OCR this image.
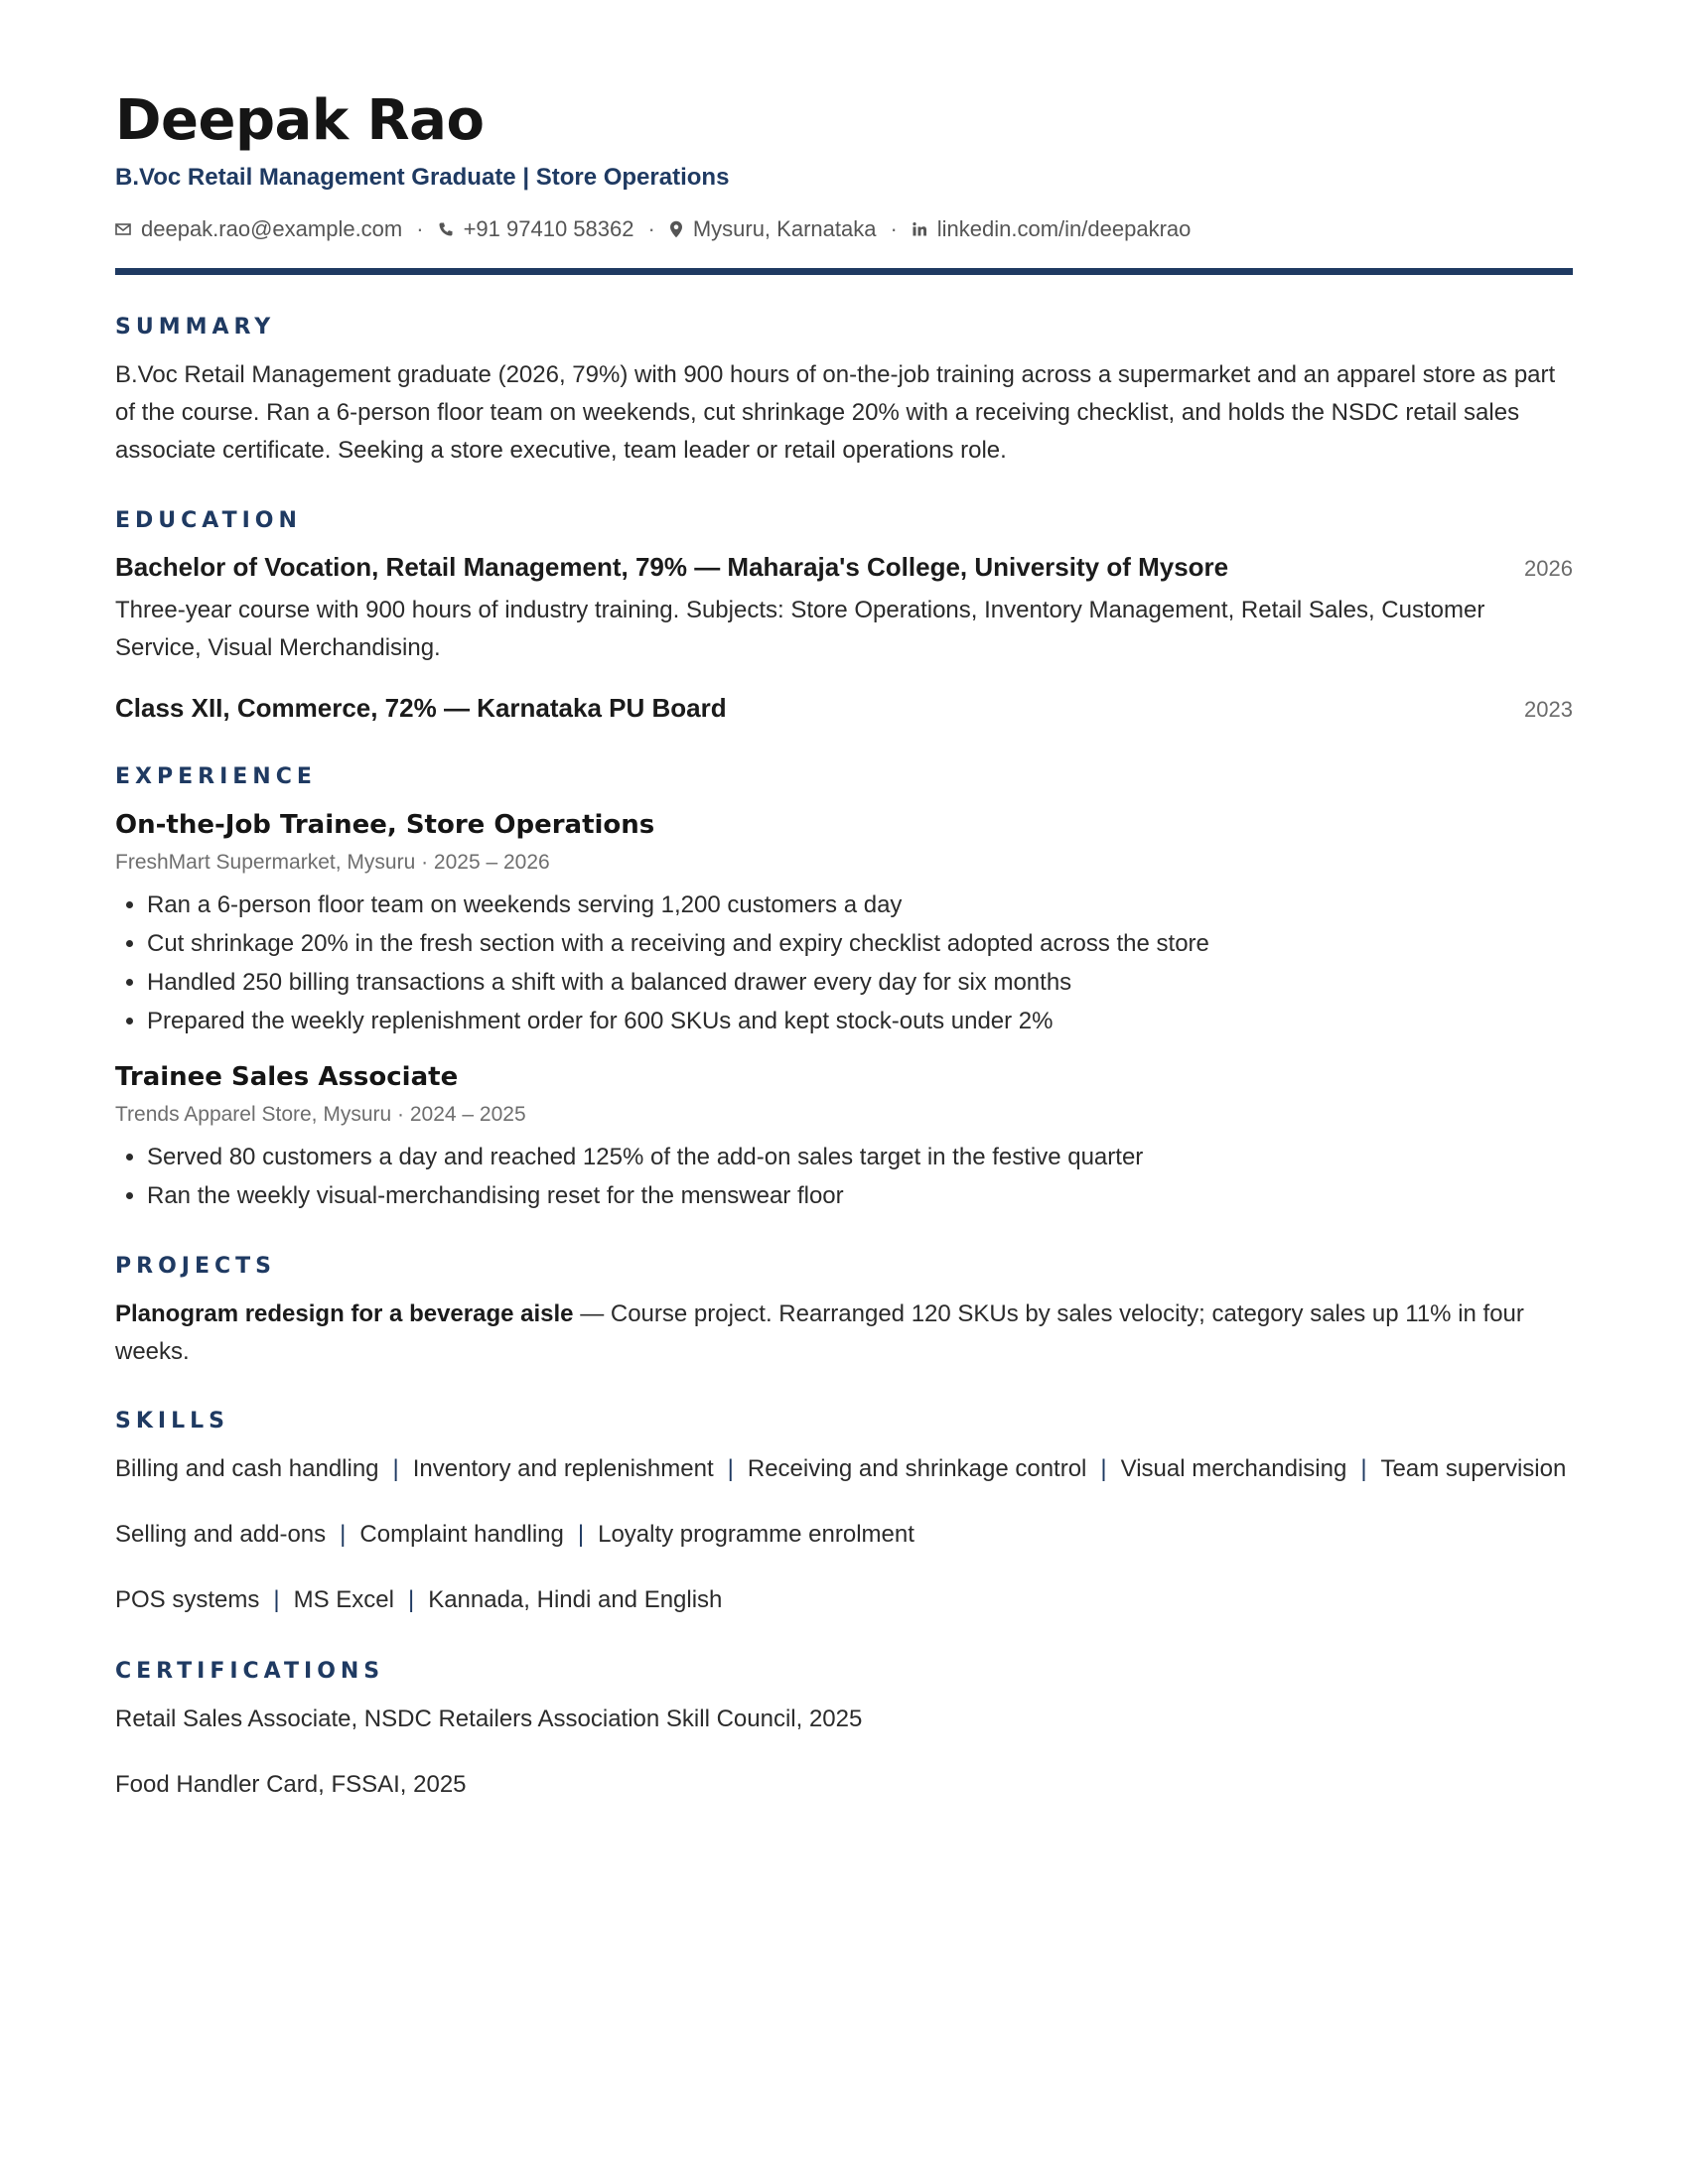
Deepak Rao
B.Voc Retail Management Graduate | Store Operations
deepak.rao@example.com · +91 97410 58362 · Mysuru, Karnataka · linkedin.com/in/deepakrao
SUMMARY
B.Voc Retail Management graduate (2026, 79%) with 900 hours of on-the-job training across a supermarket and an apparel store as part of the course. Ran a 6-person floor team on weekends, cut shrinkage 20% with a receiving checklist, and holds the NSDC retail sales associate certificate. Seeking a store executive, team leader or retail operations role.
EDUCATION
Bachelor of Vocation, Retail Management, 79% — Maharaja's College, University of Mysore	2026
Three-year course with 900 hours of industry training. Subjects: Store Operations, Inventory Management, Retail Sales, Customer Service, Visual Merchandising.
Class XII, Commerce, 72% — Karnataka PU Board	2023
EXPERIENCE
On-the-Job Trainee, Store Operations
FreshMart Supermarket, Mysuru · 2025 – 2026
• Ran a 6-person floor team on weekends serving 1,200 customers a day
• Cut shrinkage 20% in the fresh section with a receiving and expiry checklist adopted across the store
• Handled 250 billing transactions a shift with a balanced drawer every day for six months
• Prepared the weekly replenishment order for 600 SKUs and kept stock-outs under 2%
Trainee Sales Associate
Trends Apparel Store, Mysuru · 2024 – 2025
• Served 80 customers a day and reached 125% of the add-on sales target in the festive quarter
• Ran the weekly visual-merchandising reset for the menswear floor
PROJECTS
Planogram redesign for a beverage aisle — Course project. Rearranged 120 SKUs by sales velocity; category sales up 11% in four weeks.
SKILLS
Billing and cash handling | Inventory and replenishment | Receiving and shrinkage control | Visual merchandising | Team supervision
Selling and add-ons | Complaint handling | Loyalty programme enrolment
POS systems | MS Excel | Kannada, Hindi and English
CERTIFICATIONS
Retail Sales Associate, NSDC Retailers Association Skill Council, 2025
Food Handler Card, FSSAI, 2025
